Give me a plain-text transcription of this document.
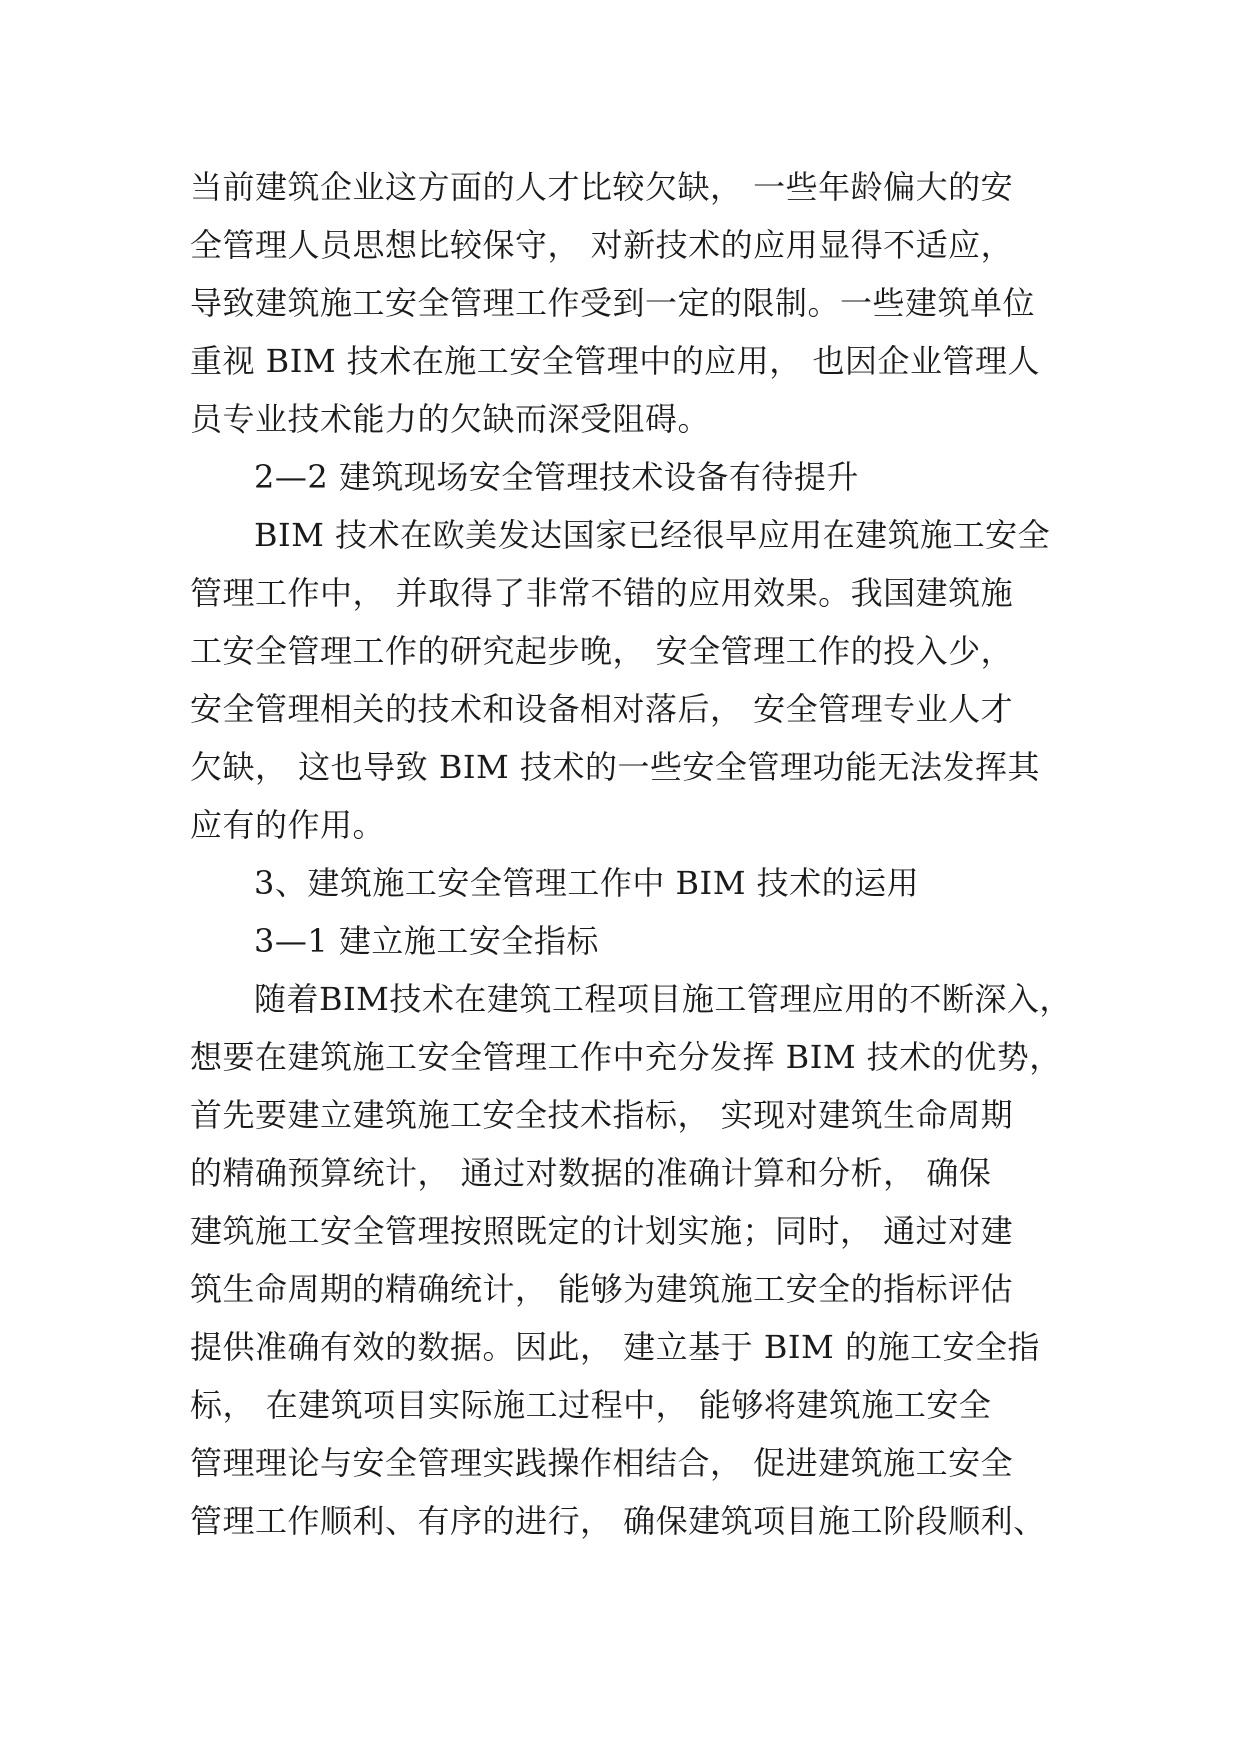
当前建筑企业这方面的人才比较欠缺， 一些年龄偏大的安
全管理人员思想比较保守， 对新技术的应用显得不适应，
导致建筑施工安全管理工作受到一定的限制。一些建筑单位
重视 BIM 技术在施工安全管理中的应用， 也因企业管理人
员专业技术能力的欠缺而深受阻碍。
2—2 建筑现场安全管理技术设备有待提升
BIM 技术在欧美发达国家已经很早应用在建筑施工安全
管理工作中， 并取得了非常不错的应用效果。我国建筑施
工安全管理工作的研究起步晚， 安全管理工作的投入少，
安全管理相关的技术和设备相对落后， 安全管理专业人才
欠缺， 这也导致 BIM 技术的一些安全管理功能无法发挥其
应有的作用。
3、建筑施工安全管理工作中 BIM 技术的运用
3—1 建立施工安全指标
随着BIM技术在建筑工程项目施工管理应用的不断深入，
想要在建筑施工安全管理工作中充分发挥 BIM 技术的优势，
首先要建立建筑施工安全技术指标， 实现对建筑生命周期
的精确预算统计， 通过对数据的准确计算和分析， 确保
建筑施工安全管理按照既定的计划实施；同时， 通过对建
筑生命周期的精确统计， 能够为建筑施工安全的指标评估
提供准确有效的数据。因此， 建立基于 BIM 的施工安全指
标， 在建筑项目实际施工过程中， 能够将建筑施工安全
管理理论与安全管理实践操作相结合， 促进建筑施工安全
管理工作顺利、有序的进行， 确保建筑项目施工阶段顺利、
